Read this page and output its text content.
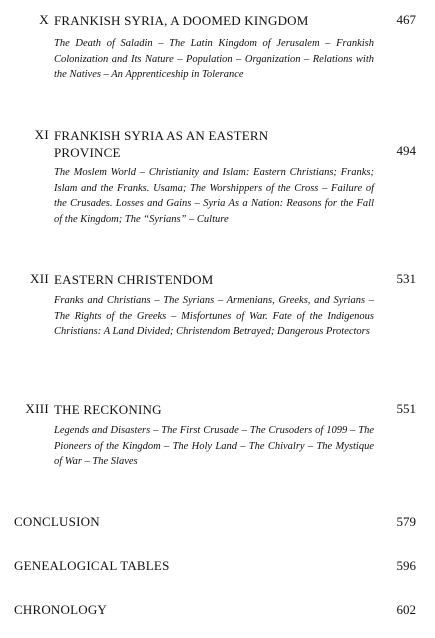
X FRANKISH SYRIA, A DOOMED KINGDOM	467
The Death of Saladin – The Latin Kingdom of Jerusalem – Frankish Colonization and Its Nature – Population – Organization – Relations with the Natives – An Apprenticeship in Tolerance
XI FRANKISH SYRIA AS AN EASTERN
PROVINCE	494
The Moslem World – Christianity and Islam: Eastern Christians; Franks; Islam and the Franks. Usama; The Worshippers of the Cross – Failure of the Crusades. Losses and Gains – Syria As a Nation: Reasons for the Fall of the Kingdom; The “Syrians” – Culture
XII EASTERN CHRISTENDOM	531
Franks and Christians – The Syrians – Armenians, Greeks, and Syrians – The Rights of the Greeks – Misfortunes of War. Fate of the Indigenous Christians: A Land Divided; Christendom Betrayed; Dangerous Protectors
XIII THE RECKONING	551
Legends and Disasters – The First Crusade – The Crusoders of 1099 – The Pioneers of the Kingdom – The Holy Land – The Chivalry – The Mystique of War – The Slaves
CONCLUSION	579
GENEALOGICAL TABLES	596
CHRONOLOGY	602
